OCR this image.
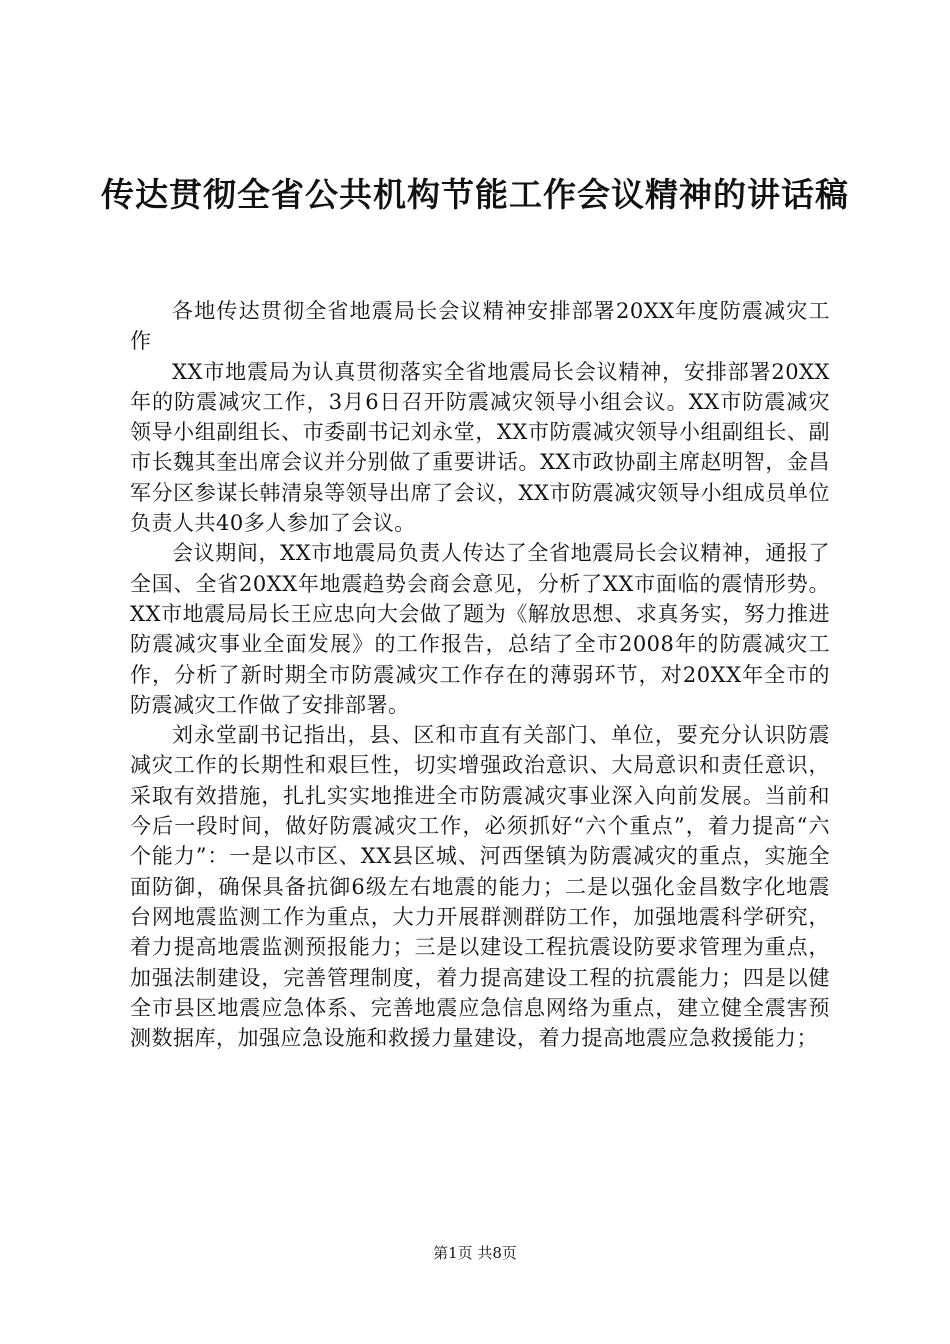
传达贯彻全省公共机构节能工作会议精神的讲话稿

各地传达贯彻全省地震局长会议精神安排部署20XX年度防震减灾工作

XX市地震局为认真贯彻落实全省地震局长会议精神，安排部署20XX年的防震减灾工作，3月6日召开防震减灾领导小组会议。XX市防震减灾领导小组副组长、市委副书记刘永堂，XX市防震减灾领导小组副组长、副市长魏其奎出席会议并分别做了重要讲话。XX市政协副主席赵明智，金昌军分区参谋长韩清泉等领导出席了会议，XX市防震减灾领导小组成员单位负责人共40多人参加了会议。

会议期间，XX市地震局负责人传达了全省地震局长会议精神，通报了全国、全省20XX年地震趋势会商会意见，分析了XX市面临的震情形势。XX市地震局局长王应忠向大会做了题为《解放思想、求真务实，努力推进防震减灾事业全面发展》的工作报告，总结了全市2008年的防震减灾工作，分析了新时期全市防震减灾工作存在的薄弱环节，对20XX年全市的防震减灾工作做了安排部署。

刘永堂副书记指出，县、区和市直有关部门、单位，要充分认识防震减灾工作的长期性和艰巨性，切实增强政治意识、大局意识和责任意识，采取有效措施，扎扎实实地推进全市防震减灾事业深入向前发展。当前和今后一段时间，做好防震减灾工作，必须抓好“六个重点”，着力提高“六个能力”：一是以市区、XX县区城、河西堡镇为防震减灾的重点，实施全面防御，确保具备抗御6级左右地震的能力；二是以强化金昌数字化地震台网地震监测工作为重点，大力开展群测群防工作，加强地震科学研究，着力提高地震监测预报能力；三是以建设工程抗震设防要求管理为重点，加强法制建设，完善管理制度，着力提高建设工程的抗震能力；四是以健全市县区地震应急体系、完善地震应急信息网络为重点，建立健全震害预测数据库，加强应急设施和救援力量建设，着力提高地震应急救援能力；

第1页 共8页
